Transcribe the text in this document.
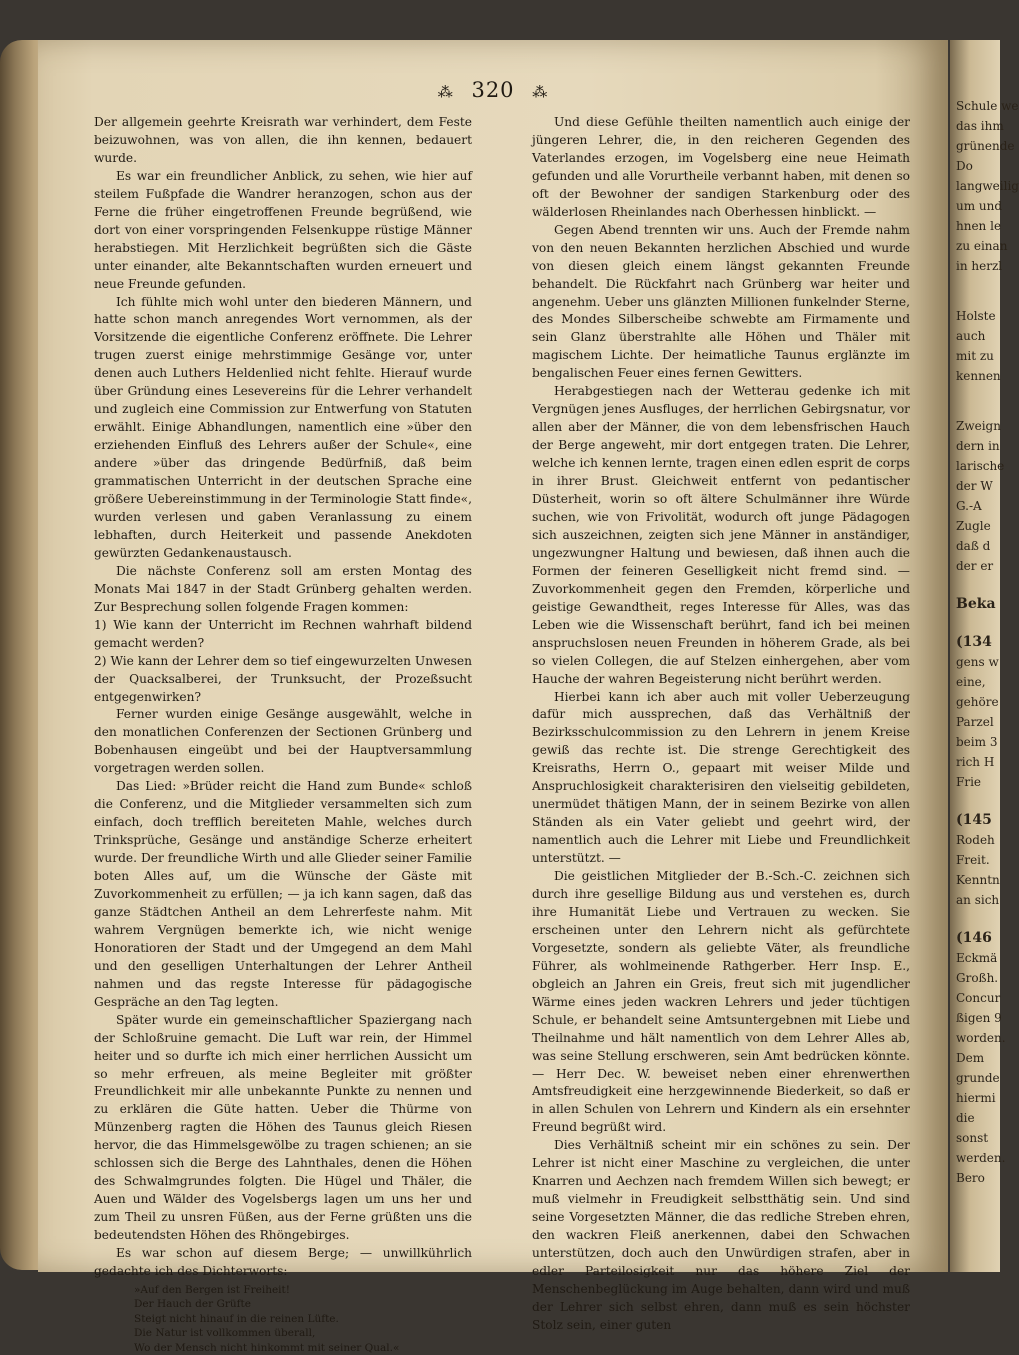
⁂ 320 ⁂

Der allgemein geehrte Kreisrath war verhindert, dem Feste beizuwohnen, was von allen, die ihn kennen, bedauert wurde.

Es war ein freundlicher Anblick, zu sehen, wie hier auf steilem Fußpfade die Wandrer heranzogen, schon aus der Ferne die früher eingetroffenen Freunde begrüßend, wie dort von einer vorspringenden Felsenkuppe rüstige Männer herabstiegen. Mit Herzlichkeit begrüßten sich die Gäste unter einander, alte Bekanntschaften wurden erneuert und neue Freunde gefunden.

Ich fühlte mich wohl unter den biederen Männern, und hatte schon manch anregendes Wort vernommen, als der Vorsitzende die eigentliche Conferenz eröffnete. Die Lehrer trugen zuerst einige mehrstimmige Gesänge vor, unter denen auch Luthers Heldenlied nicht fehlte. Hierauf wurde über Gründung eines Lesevereins für die Lehrer verhandelt und zugleich eine Commission zur Entwerfung von Statuten erwählt. Einige Abhandlungen, namentlich eine »über den erziehenden Einfluß des Lehrers außer der Schule«, eine andere »über das dringende Bedürfniß, daß beim grammatischen Unterricht in der deutschen Sprache eine größere Uebereinstimmung in der Terminologie Statt finde«, wurden verlesen und gaben Veranlassung zu einem lebhaften, durch Heiterkeit und passende Anekdoten gewürzten Gedankenaustausch.

Die nächste Conferenz soll am ersten Montag des Monats Mai 1847 in der Stadt Grünberg gehalten werden. Zur Besprechung sollen folgende Fragen kommen:

1) Wie kann der Unterricht im Rechnen wahrhaft bildend gemacht werden?

2) Wie kann der Lehrer dem so tief eingewurzelten Unwesen der Quacksalberei, der Trunksucht, der Prozeßsucht entgegenwirken?

Ferner wurden einige Gesänge ausgewählt, welche in den monatlichen Conferenzen der Sectionen Grünberg und Bobenhausen eingeübt und bei der Hauptversammlung vorgetragen werden sollen.

Das Lied: »Brüder reicht die Hand zum Bunde« schloß die Conferenz, und die Mitglieder versammelten sich zum einfach, doch trefflich bereiteten Mahle, welches durch Trinksprüche, Gesänge und anständige Scherze erheitert wurde. Der freundliche Wirth und alle Glieder seiner Familie boten Alles auf, um die Wünsche der Gäste mit Zuvorkommenheit zu erfüllen; — ja ich kann sagen, daß das ganze Städtchen Antheil an dem Lehrerfeste nahm. Mit wahrem Vergnügen bemerkte ich, wie nicht wenige Honoratioren der Stadt und der Umgegend an dem Mahl und den geselligen Unterhaltungen der Lehrer Antheil nahmen und das regste Interesse für pädagogische Gespräche an den Tag legten.

Später wurde ein gemeinschaftlicher Spaziergang nach der Schloßruine gemacht. Die Luft war rein, der Himmel heiter und so durfte ich mich einer herrlichen Aussicht um so mehr erfreuen, als meine Begleiter mit größter Freundlichkeit mir alle unbekannte Punkte zu nennen und zu erklären die Güte hatten. Ueber die Thürme von Münzenberg ragten die Höhen des Taunus gleich Riesen hervor, die das Himmelsgewölbe zu tragen schienen; an sie schlossen sich die Berge des Lahnthales, denen die Höhen des Schwalmgrundes folgten. Die Hügel und Thäler, die Auen und Wälder des Vogelsbergs lagen um uns her und zum Theil zu unsren Füßen, aus der Ferne grüßten uns die bedeutendsten Höhen des Rhöngebirges.

Es war schon auf diesem Berge; — unwillkührlich gedachte ich des Dichterworts:

»Auf den Bergen ist Freiheit!
Der Hauch der Grüfte
Steigt nicht hinauf in die reinen Lüfte.
Die Natur ist vollkommen überall,
Wo der Mensch nicht hinkommt mit seiner Qual.«

Und diese Gefühle theilten namentlich auch einige der jüngeren Lehrer, die, in den reicheren Gegenden des Vaterlandes erzogen, im Vogelsberg eine neue Heimath gefunden und alle Vorurtheile verbannt haben, mit denen so oft der Bewohner der sandigen Starkenburg oder des wälderlosen Rheinlandes nach Oberhessen hinblickt. —

Gegen Abend trennten wir uns. Auch der Fremde nahm von den neuen Bekannten herzlichen Abschied und wurde von diesen gleich einem längst gekannten Freunde behandelt. Die Rückfahrt nach Grünberg war heiter und angenehm. Ueber uns glänzten Millionen funkelnder Sterne, des Mondes Silberscheibe schwebte am Firmamente und sein Glanz überstrahlte alle Höhen und Thäler mit magischem Lichte. Der heimatliche Taunus erglänzte im bengalischen Feuer eines fernen Gewitters.

Herabgestiegen nach der Wetterau gedenke ich mit Vergnügen jenes Ausfluges, der herrlichen Gebirgsnatur, vor allen aber der Männer, die von dem lebensfrischen Hauch der Berge angeweht, mir dort entgegen traten. Die Lehrer, welche ich kennen lernte, tragen einen edlen esprit de corps in ihrer Brust. Gleichweit entfernt von pedantischer Düsterheit, worin so oft ältere Schulmänner ihre Würde suchen, wie von Frivolität, wodurch oft junge Pädagogen sich auszeichnen, zeigten sich jene Männer in anständiger, ungezwungner Haltung und bewiesen, daß ihnen auch die Formen der feineren Geselligkeit nicht fremd sind. — Zuvorkommenheit gegen den Fremden, körperliche und geistige Gewandtheit, reges Interesse für Alles, was das Leben wie die Wissenschaft berührt, fand ich bei meinen anspruchslosen neuen Freunden in höherem Grade, als bei so vielen Collegen, die auf Stelzen einhergehen, aber vom Hauche der wahren Begeisterung nicht berührt werden.

Hierbei kann ich aber auch mit voller Ueberzeugung dafür mich aussprechen, daß das Verhältniß der Bezirksschulcommission zu den Lehrern in jenem Kreise gewiß das rechte ist. Die strenge Gerechtigkeit des Kreisraths, Herrn O., gepaart mit weiser Milde und Anspruchlosigkeit charakterisiren den vielseitig gebildeten, unermüdet thätigen Mann, der in seinem Bezirke von allen Ständen als ein Vater geliebt und geehrt wird, der namentlich auch die Lehrer mit Liebe und Freundlichkeit unterstützt. —

Die geistlichen Mitglieder der B.-Sch.-C. zeichnen sich durch ihre gesellige Bildung aus und verstehen es, durch ihre Humanität Liebe und Vertrauen zu wecken. Sie erscheinen unter den Lehrern nicht als gefürchtete Vorgesetzte, sondern als geliebte Väter, als freundliche Führer, als wohlmeinende Rathgerber. Herr Insp. E., obgleich an Jahren ein Greis, freut sich mit jugendlicher Wärme eines jeden wackren Lehrers und jeder tüchtigen Schule, er behandelt seine Amtsuntergebnen mit Liebe und Theilnahme und hält namentlich von dem Lehrer Alles ab, was seine Stellung erschweren, sein Amt bedrücken könnte. — Herr Dec. W. beweiset neben einer ehrenwerthen Amtsfreudigkeit eine herzgewinnende Biederkeit, so daß er in allen Schulen von Lehrern und Kindern als ein ersehnter Freund begrüßt wird.

Dies Verhältniß scheint mir ein schönes zu sein. Der Lehrer ist nicht einer Maschine zu vergleichen, die unter Knarren und Aechzen nach fremdem Willen sich bewegt; er muß vielmehr in Freudigkeit selbstthätig sein. Und sind seine Vorgesetzten Männer, die das redliche Streben ehren, den wackren Fleiß anerkennen, dabei den Schwachen unterstützen, doch auch den Unwürdigen strafen, aber in edler Parteilosigkeit nur das höhere Ziel der Menschenbeglückung im Auge behalten, dann wird und muß der Lehrer sich selbst ehren, dann muß es sein höchster Stolz sein, einer guten

Schule we
das ihm
grünende
Do
langweilig
um und
hnen le
zu einan
in herzl
Holste
auch
mit zu
kennen
Zweign
dern in
larische
der W
G.-A
Zugle
daß d
der er
Beka
(134
gens w
eine,
gehöre
Parzel
beim 3
rich H
Frie
(145
Rodeh
Freit.
Kenntn
an sich
(146
Eckmä
Großh.
Concur
ßigen 9
worden.
Dem
grunde
hiermi
die
sonst
werden.
Bero
